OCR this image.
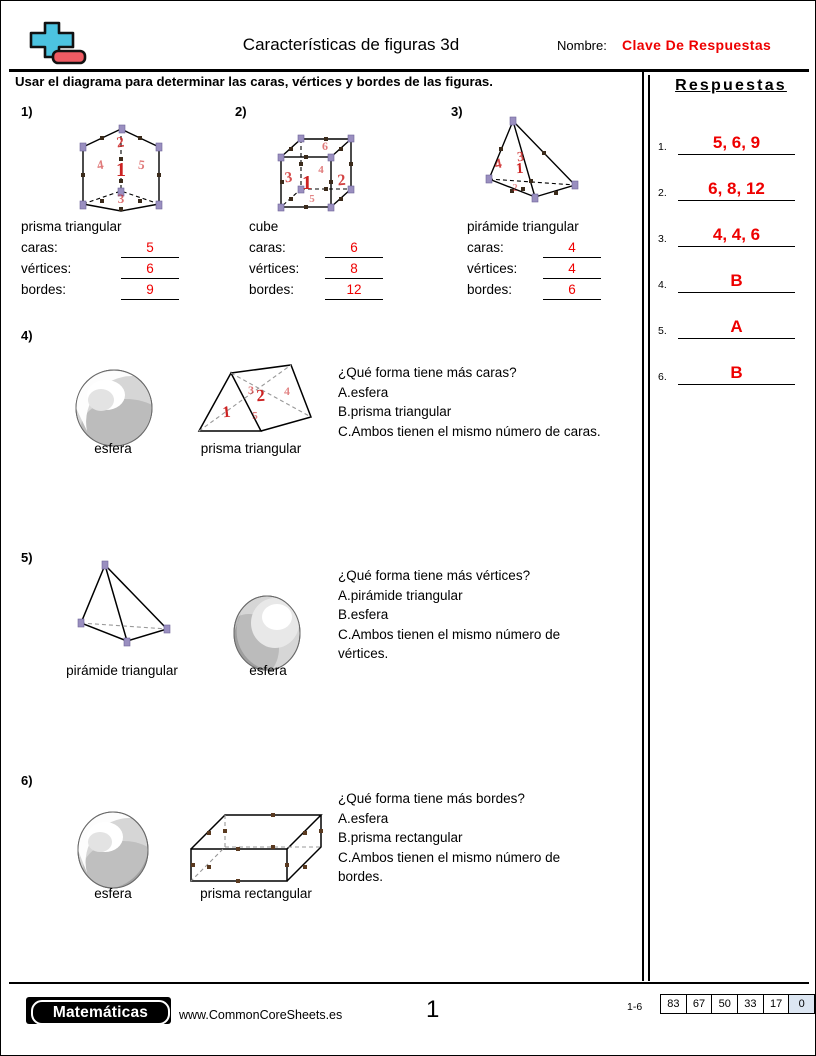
Características de figuras 3d	Nombre: Clave De Respuestas
Usar el diagrama para determinar las caras, vértices y bordes de las figuras.	Respuestas
1.	5, 6, 9
2.	6, 8, 12
3.	4, 4, 6
4.	B
5.	A
6.	B
1)
2
1
4	5
3
prisma triangular
caras:	5
vértices:	6
bordes:	9
2)
1 2
3 4
6
5
cube
caras:	6
vértices:	8
bordes:	12
3)
3
1
4
2
pirámide triangular
caras:	4
vértices:	4
bordes:	6
4)
esfera
1
2
3	4
5
prisma triangular
¿Qué forma tiene más caras?
A.esfera
B.prisma triangular
C.Ambos tienen el mismo número de caras.
5)
pirámide triangular	esfera
¿Qué forma tiene más vértices?
A.pirámide triangular
B.esfera
C.Ambos tienen el mismo número de
vértices.
6)
esfera	prisma rectangular
¿Qué forma tiene más bordes?
A.esfera
B.prisma rectangular
C.Ambos tienen el mismo número de
bordes.
Matemáticas	www.CommonCoreSheets.es	1	1-6 83	67	50	33	17	0
